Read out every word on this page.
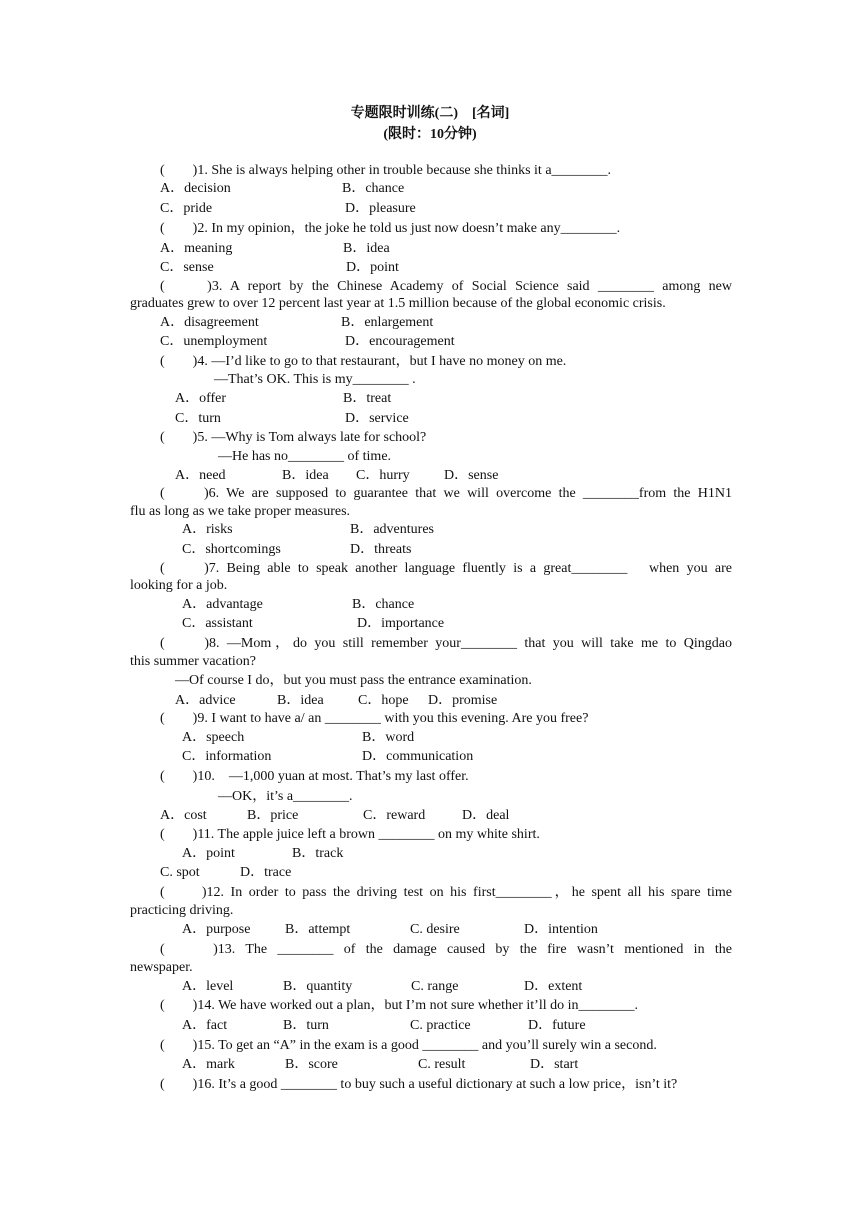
专题限时训练(二)　[名词]
(限时：10分钟)
(　　)1. She is always helping other in trouble because she thinks it a________.
A．decision	B．chance
C．pride	D．pleasure
(　　)2. In my opinion，the joke he told us just now doesn’t make any________.
A．meaning	B．idea
C．sense	D．point
(　　)3. A report by the Chinese Academy of Social Science said ________ among new
graduates grew to over 12 percent last year at 1.5 million because of the global economic crisis.
A．disagreement	B．enlargement
C．unemployment	D．encouragement
(　　)4. —I’d like to go to that restaurant，but I have no money on me.
—That’s OK. This is my________ .
A．offer	B．treat
C．turn	D．service
(　　)5. —Why is Tom always late for school?
—He has no________ of time.
A．need	B．idea C．hurry D．sense
(　　)6. We are supposed to guarantee that we will overcome the ________from the H1N1
flu as long as we take proper measures.
A．risks	B．adventures
C．shortcomings	D．threats
(　　)7. Being able to speak another language fluently is a great________　when you are
looking for a job.
A．advantage	B．chance
C．assistant	D．importance
(　　)8. —Mom，do you still remember your________ that you will take me to Qingdao
this summer vacation?
—Of course I do，but you must pass the entrance examination.
A．advice	B．idea C．hope D．promise
(　　)9. I want to have a/ an ________ with you this evening. Are you free?
A．speech	B．word
C．information	D．communication
(　　)10.　—1,000 yuan at most. That’s my last offer.
—OK，it’s a________.
A．cost	B．price	C．reward	D．deal
(　　)11. The apple juice left a brown ________ on my white shirt.
A．point	B．track
C. spot	D．trace
(　　)12. In order to pass the driving test on his first________，he spent all his spare time
practicing driving.
A．purpose B．attempt	C. desire	D．intention
(　　)13. The ________ of the damage caused by the fire wasn’t mentioned in the
newspaper.
A．level	B．quantity	C. range	D．extent
(　　)14. We have worked out a plan，but I’m not sure whether it’ll do in________.
A．fact	B．turn	C. practice	D．future
(　　)15. To get an “A” in the exam is a good ________ and you’ll surely win a second.
A．mark	B．score	C. result	D．start
(　　)16. It’s a good ________ to buy such a useful dictionary at such a low price，isn’t it?
